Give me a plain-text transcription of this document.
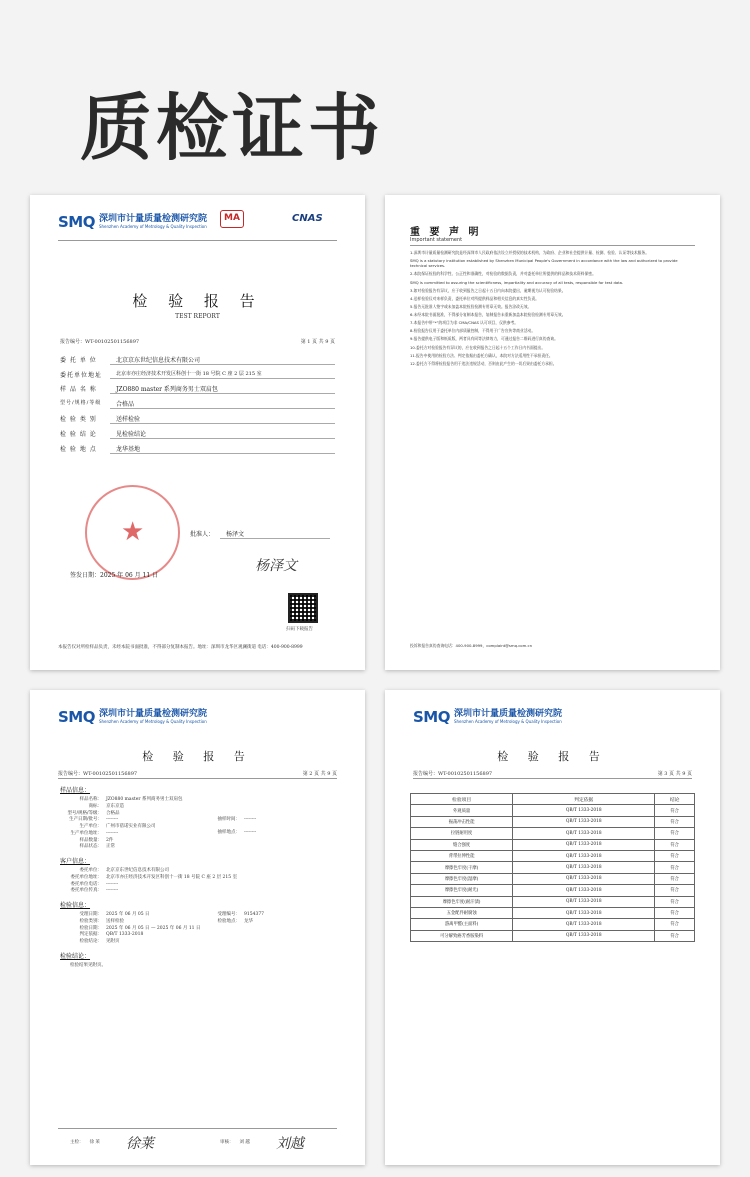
质检证书
SMQ 深圳市计量质量检测研究院
Shenzhen Academy of Metrology & Quality Inspection
MA	CNAS
检 验 报 告
TEST REPORT
报告编号：WT-00102501156897	第 1 页 共 9 页
委 托 单 位	北京京东世纪信息技术有限公司
委托单位地址	北京市亦庄经济技术开发区科创十一街 18 号院 C 座 2 层 215 室
样 品 名 称	JZO880 master 系列商务男士双肩包
型号/规格/等级	合格品
检 验 类 别	送样检验
检 验 结 论	见检验结论
检 验 地 点	龙华基地
★	批准人：	杨泽文
杨泽文
签发日期：2025 年 06 月 11 日
扫码下载报告
本报告仅对所检样品负责，未经本院书面批准，不得部分复制本报告。地址：深圳市龙华区观澜街道 电话：400-900-8999
重 要 声 明
Important statement
1.深圳市计量质量检测研究院是经深圳市人民政府依法设立并授权的技术机构，为政府、企业和社会提供计量、检测、检验、认证等技术服务。
SMQ is a statutory institution established by Shenzhen Municipal People's Government in accordance with the law and authorized to provide technical services.
2.本院保证检验的科学性、公正性和准确性，对检验的数据负责，并对委托单位所提供的样品和技术资料保密。
SMQ is committed to assuring the scientificness, impartiality and accuracy of all tests, responsible for test data.
3.如对检验报告有异议，应于收到报告之日起十五日内向本院提出，逾期视为认可检验结果。
4.送样检验仅对来样负责，委托单位对所提供样品和相关信息的真实性负责。
5.报告无批准人签字或未加盖本院检验检测专用章无效。报告涂改无效。
6.未经本院书面批准，不得部分复制本报告，复制报告未重新加盖本院检验检测专用章无效。
7.本报告中带“*”的项目为非 CMA/CNAS 认可项目，仅供参考。
8.检验报告仅用于委托单位内部质量控制，不得用于广告宣传等商业活动。
9.报告提供电子版和纸质版，两者具有同等法律效力，可通过报告二维码进行真伪查询。
10.委托方对检验报告有异议的，应在收到报告之日起十五个工作日内书面提出。
11.报告中使用的检验方法、判定依据由委托方确认，本院对方法适用性不承担责任。
12.委托方不得将检验报告用于违法违规活动，否则由此产生的一切后果由委托方承担。
投诉和报告真伪查询电话：400-900-8999，complaint@smq.com.cn
SMQ 深圳市计量质量检测研究院
Shenzhen Academy of Metrology & Quality Inspection
检 验 报 告
报告编号：WT-00102501156897	第 2 页 共 9 页
样品信息：
样品名称： JZO880 master 系列商务男士双肩包
商标： 京东京造
型号/规格/等级： 合格品
生产日期/批号： --------
生产单位： 广州市蓓诺实业有限公司
生产单位地址： --------
样品数量： 2件
样品状态： 正常
抽样时间： --------
抽样地点： --------
客户信息：
委托单位： 北京京东世纪信息技术有限公司
委托单位地址： 北京市亦庄经济技术开发区科创十一街 18 号院 C 座 2 层 215 室
委托单位电话： --------
委托单位传真： --------
检验信息：
受理日期： 2025 年 06 月 05 日
检验类别： 送样检验
检验日期： 2025 年 06 月 05 日 — 2025 年 06 月 11 日
判定依据： QB/T 1333-2018
检验结论： 见附页
受理编号： 9154377
检验地点： 龙华
检验结论：
检验结果见附页。
主检： 徐 莱 徐莱	审核： 刘 越 刘越
SMQ 深圳市计量质量检测研究院
Shenzhen Academy of Metrology & Quality Inspection
检 验 报 告
报告编号：WT-00102501156897	第 3 页 共 9 页
检验项目	判定依据	结论
外观质量	QB/T 1333-2018	符合
振荡冲击性能	QB/T 1333-2018	符合
拉链耐用度	QB/T 1333-2018	符合
缝合强度	QB/T 1333-2018	符合
背带拉伸性能	QB/T 1333-2018	符合
摩擦色牢度(干摩)	QB/T 1333-2018	符合
摩擦色牢度(湿摩)	QB/T 1333-2018	符合
摩擦色牢度(耐光)	QB/T 1333-2018	符合
摩擦色牢度(耐汗渍)	QB/T 1333-2018	符合
五金配件耐腐蚀	QB/T 1333-2018	符合
游离甲醛(主面料)	QB/T 1333-2018	符合
可分解致癌芳香胺染料	QB/T 1333-2018	符合
